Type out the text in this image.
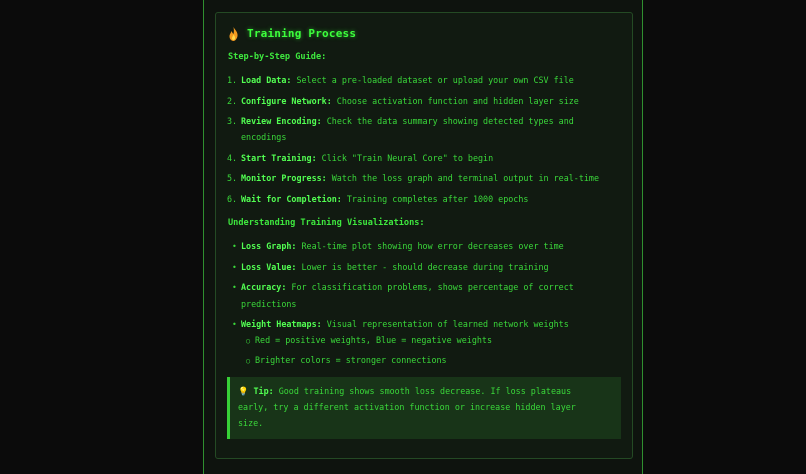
Training Process
Step-by-Step Guide:
1. Load Data: Select a pre-loaded dataset or upload your own CSV file
2. Configure Network: Choose activation function and hidden layer size
3. Review Encoding: Check the data summary showing detected types and
encodings
4. Start Training: Click "Train Neural Core" to begin
5. Monitor Progress: Watch the loss graph and terminal output in real-time
6. Wait for Completion: Training completes after 1000 epochs
Understanding Training Visualizations:
• Loss Graph: Real-time plot showing how error decreases over time
• Loss Value: Lower is better - should decrease during training
• Accuracy: For classification problems, shows percentage of correct
predictions
• Weight Heatmaps: Visual representation of learned network weights
○ Red = positive weights, Blue = negative weights
○ Brighter colors = stronger connections
💡 Tip: Good training shows smooth loss decrease. If loss plateaus
early, try a different activation function or increase hidden layer
size.
